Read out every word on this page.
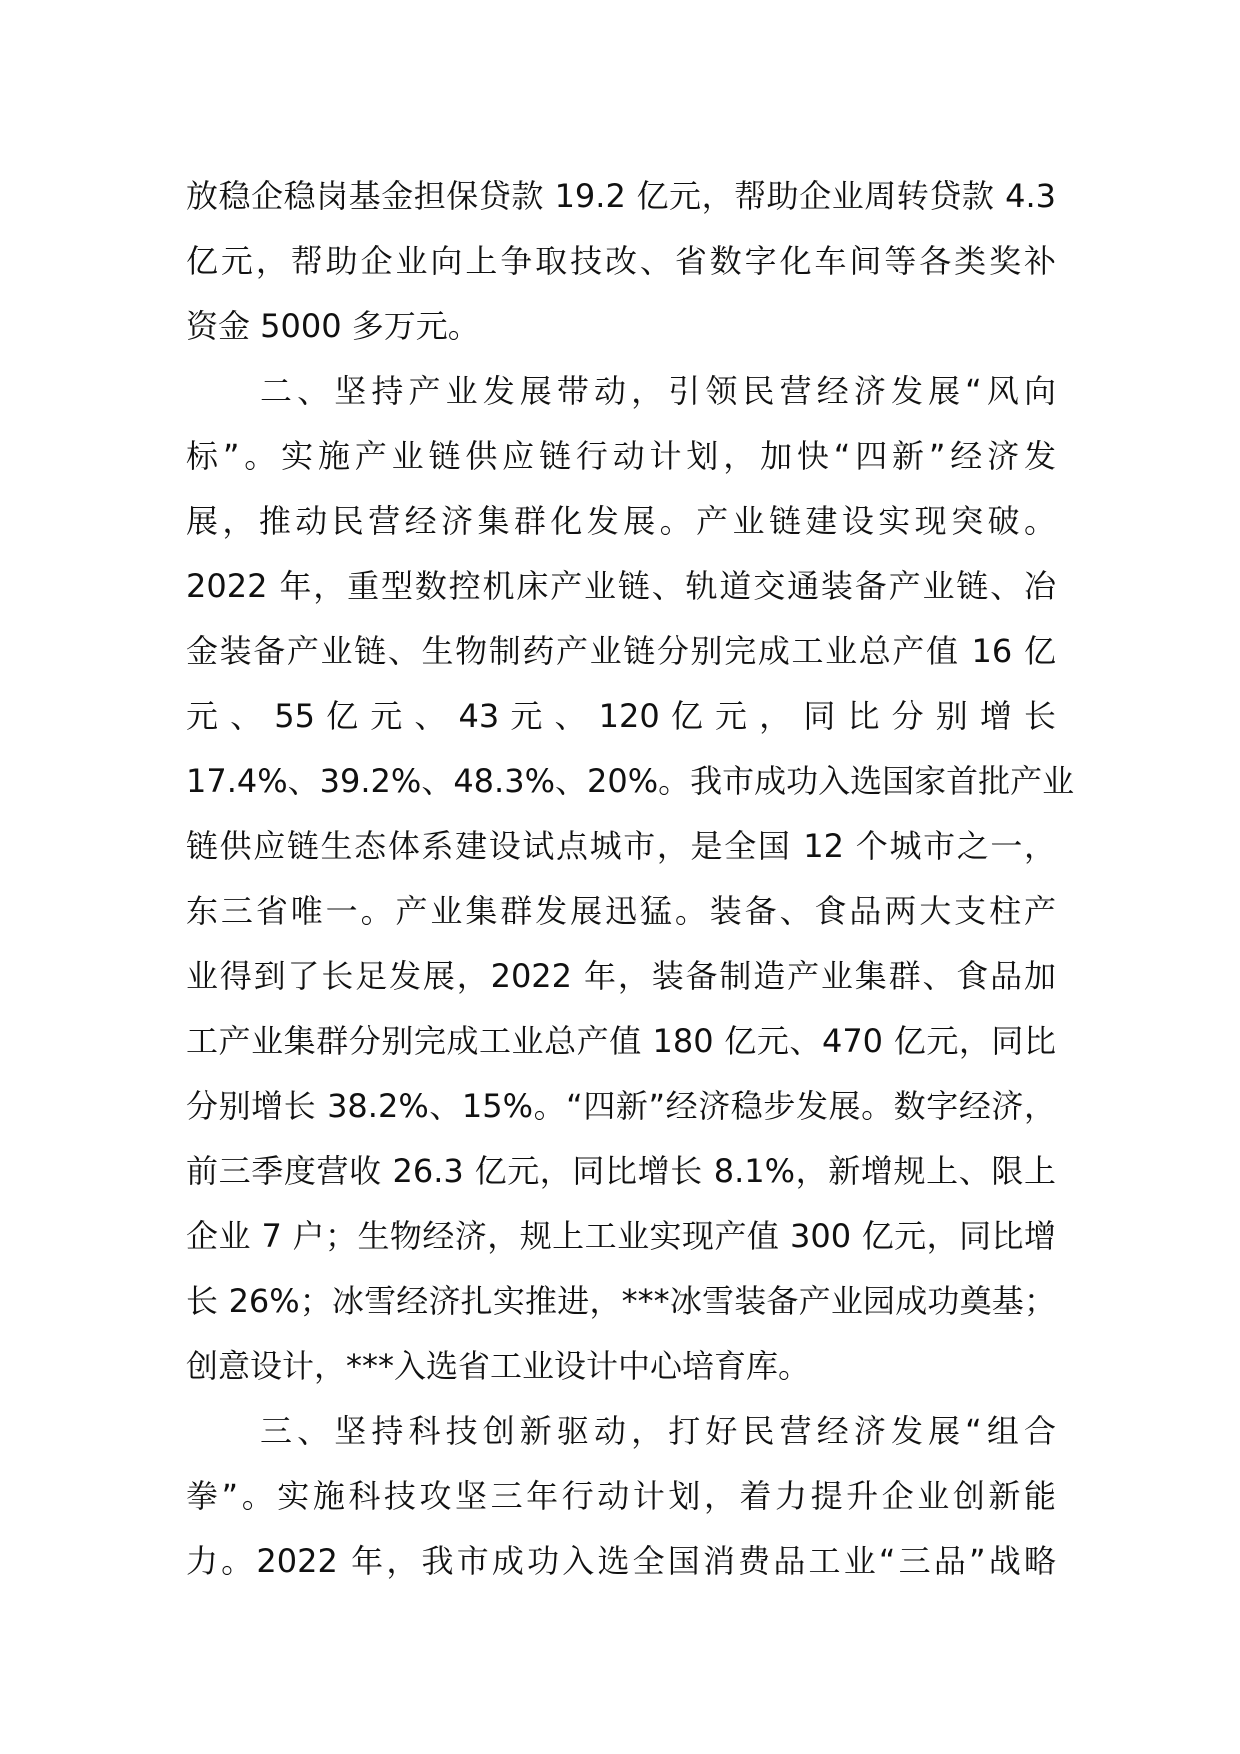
放稳企稳岗基金担保贷款 19.2 亿元，帮助企业周转贷款 4.3
亿元，帮助企业向上争取技改、省数字化车间等各类奖补
资金 5000 多万元。
二、坚持产业发展带动，引领民营经济发展“风向
标”。实施产业链供应链行动计划，加快“四新”经济发
展，推动民营经济集群化发展。产业链建设实现突破。
2022 年，重型数控机床产业链、轨道交通装备产业链、冶
金装备产业链、生物制药产业链分别完成工业总产值 16 亿
元 、 55 亿 元 、 43 元 、 120 亿 元 ， 同 比 分 别 增 长
17.4%、39.2%、48.3%、20%。我市成功入选国家首批产业
链供应链生态体系建设试点城市，是全国 12 个城市之一，
东三省唯一。产业集群发展迅猛。装备、食品两大支柱产
业得到了长足发展，2022 年，装备制造产业集群、食品加
工产业集群分别完成工业总产值 180 亿元、470 亿元，同比
分别增长 38.2%、15%。“四新”经济稳步发展。数字经济，
前三季度营收 26.3 亿元，同比增长 8.1%，新增规上、限上
企业 7 户；生物经济，规上工业实现产值 300 亿元，同比增
长 26%；冰雪经济扎实推进，***冰雪装备产业园成功奠基；
创意设计，***入选省工业设计中心培育库。
三、坚持科技创新驱动，打好民营经济发展“组合
拳”。实施科技攻坚三年行动计划，着力提升企业创新能
力。2022 年，我市成功入选全国消费品工业“三品”战略
